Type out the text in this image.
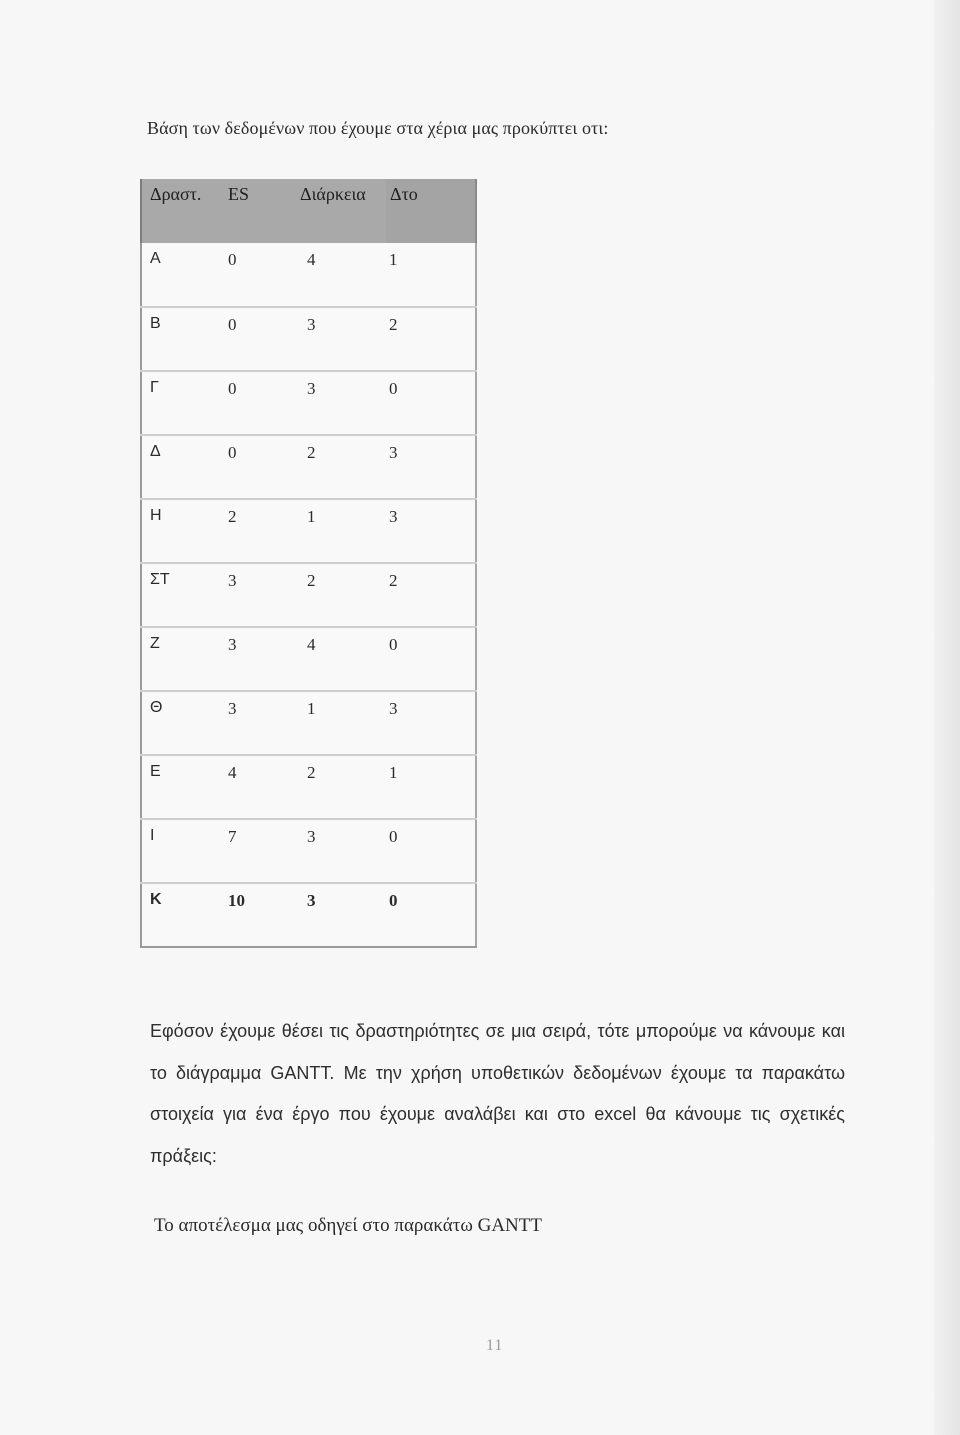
Βάση των δεδομένων που έχουμε στα χέρια μας προκύπτει οτι:
Δραστ.	ES	Διάρκεια	Δτο
Α	0	4	1
Β	0	3	2
Γ	0	3	0
Δ	0	2	3
Η	2	1	3
ΣΤ	3	2	2
Ζ	3	4	0
Θ	3	1	3
Ε	4	2	1
Ι	7	3	0
Κ	10	3	0
Εφόσον έχουμε θέσει τις δραστηριότητες σε μια σειρά, τότε μπορούμε να κάνουμε και το διάγραμμα GANTT. Με την χρήση υποθετικών δεδομένων έχουμε τα παρακάτω στοιχεία για ένα έργο που έχουμε αναλάβει και στο excel θα κάνουμε τις σχετικές πράξεις:
Το αποτέλεσμα μας οδηγεί στο παρακάτω GANTT
11
